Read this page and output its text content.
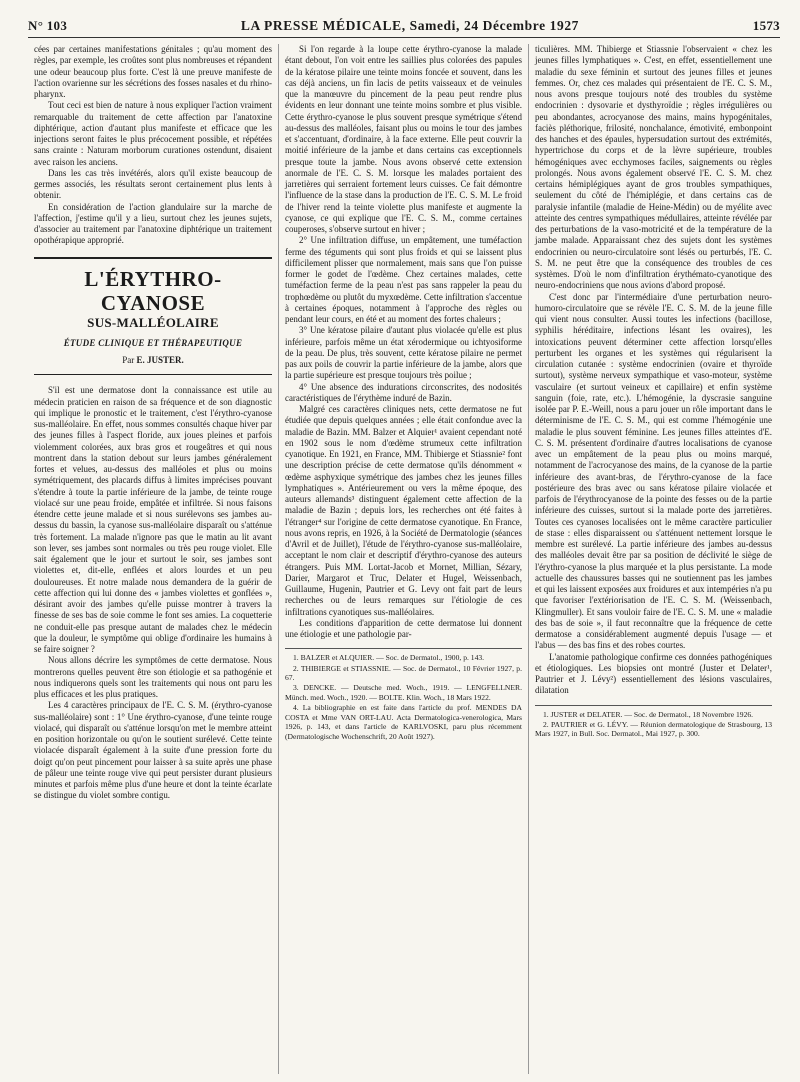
N° 103	LA PRESSE MÉDICALE, Samedi, 24 Décembre 1927	1573

cées par certaines manifestations génitales ; qu'au moment des règles, par exemple, les croûtes sont plus nombreuses et répandent une odeur beaucoup plus forte. C'est là une preuve manifeste de l'action ovarienne sur les sécrétions des fosses nasales et du rhino-pharynx.

Tout ceci est bien de nature à nous expliquer l'action vraiment remarquable du traitement de cette affection par l'anatoxine diphtérique, action d'autant plus manifeste et efficace que les injections seront faites le plus précocement possible, et répétées sans crainte : Naturam morborum curationes ostendunt, disaient avec raison les anciens.

Dans les cas très invétérés, alors qu'il existe beaucoup de germes associés, les résultats seront certainement plus lents à obtenir.

En considération de l'action glandulaire sur la marche de l'affection, j'estime qu'il y a lieu, surtout chez les jeunes sujets, d'associer au traitement par l'anatoxine diphtérique un traitement opothérapique approprié.

L'ÉRYTHRO-CYANOSE
SUS-MALLÉOLAIRE
ÉTUDE CLINIQUE ET THÉRAPEUTIQUE
Par E. JUSTER.

S'il est une dermatose dont la connaissance est utile au médecin praticien en raison de sa fréquence et de son diagnostic qui implique le pronostic et le traitement, c'est l'érythro-cyanose sus-malléolaire. En effet, nous sommes consultés chaque hiver par des jeunes filles à l'aspect floride, aux joues pleines et parfois violemment colorées, aux bras gros et rougeâtres et qui nous montrent dans la station debout sur leurs jambes généralement fortes et velues, au-dessus des malléoles et plus ou moins symétriquement, des placards diffus à limites imprécises pouvant s'étendre à toute la partie inférieure de la jambe, de teinte rouge violacé sur une peau froide, empâtée et infiltrée. Si nous faisons étendre cette jeune malade et si nous surélevons ses jambes au-dessus du bassin, la cyanose sus-malléolaire disparaît ou s'atténue très fortement. La malade n'ignore pas que le matin au lit avant son lever, ses jambes sont normales ou très peu rouge violet. Elle sait également que le jour et surtout le soir, ses jambes sont violettes et, dit-elle, enflées et alors lourdes et un peu douloureuses. Et notre malade nous demandera de la guérir de cette affection qui lui donne des « jambes violettes et gonflées », désirant avoir des jambes qu'elle puisse montrer à travers la finesse de ses bas de soie comme le font ses amies. La coquetterie ne conduit-elle pas presque autant de malades chez le médecin que la douleur, le symptôme qui oblige d'ordinaire les humains à se faire soigner ?

Nous allons décrire les symptômes de cette dermatose. Nous montrerons quelles peuvent être son étiologie et sa pathogénie et nous indiquerons quels sont les traitements qui nous ont paru les plus efficaces et les plus pratiques.

Les 4 caractères principaux de l'E. C. S. M. (érythro-cyanose sus-malléolaire) sont : 1° Une érythro-cyanose, d'une teinte rouge violacé, qui disparaît ou s'atténue lorsqu'on met le membre atteint en position horizontale ou qu'on le soutient surélevé. Cette teinte violacée disparaît également à la suite d'une pression forte du doigt qu'on peut pincement pour laisser à sa suite après une phase de pâleur une teinte rouge vive qui peut persister durant plusieurs minutes et parfois même plus d'une heure et dont la teinte écarlate se distingue du violet sombre contigu.

Si l'on regarde à la loupe cette érythro-cyanose la malade étant debout, l'on voit entre les saillies plus colorées des papules de la kératose pilaire une teinte moins foncée et souvent, dans les cas déjà anciens, un fin lacis de petits vaisseaux et de veinules que la manœuvre du pincement de la peau peut rendre plus évidents en leur donnant une teinte moins sombre et plus visible. Cette érythro-cyanose le plus souvent presque symétrique s'étend au-dessus des malléoles, faisant plus ou moins le tour des jambes et s'accentuant, d'ordinaire, à la face externe. Elle peut couvrir la moitié inférieure de la jambe et dans certains cas exceptionnels presque toute la jambe. Nous avons observé cette extension anormale de l'E. C. S. M. lorsque les malades portaient des jarretières qui serraient fortement leurs cuisses. Ce fait démontre l'influence de la stase dans la production de l'E. C. S. M. Le froid de l'hiver rend la teinte violette plus manifeste et augmente la cyanose, ce qui explique que l'E. C. S. M., comme certaines couperoses, s'observe surtout en hiver ;

2° Une infiltration diffuse, un empâtement, une tuméfaction ferme des téguments qui sont plus froids et qui se laissent plus difficilement plisser que normalement, mais sans que l'on puisse former le godet de l'œdème. Chez certaines malades, cette tuméfaction ferme de la peau n'est pas sans rappeler la peau du trophœdème ou plutôt du myxœdème. Cette infiltration s'accentue à certaines époques, notamment à l'approche des règles ou pendant leur cours, en été et au moment des fortes chaleurs ;

3° Une kératose pilaire d'autant plus violacée qu'elle est plus inférieure, parfois même un état xérodermique ou ichtyosiforme de la peau. De plus, très souvent, cette kératose pilaire ne permet pas aux poils de couvrir la partie inférieure de la jambe, alors que la partie supérieure est presque toujours très poilue ;

4° Une absence des indurations circonscrites, des nodosités caractéristiques de l'érythème induré de Bazin.

Malgré ces caractères cliniques nets, cette dermatose ne fut étudiée que depuis quelques années ; elle était confondue avec la maladie de Bazin. MM. Balzer et Alquier¹ avaient cependant noté en 1902 sous le nom d'œdème strumeux cette infiltration cyanotique. En 1921, en France, MM. Thibierge et Stiassnie² font une description précise de cette dermatose qu'ils dénomment « œdème asphyxique symétrique des jambes chez les jeunes filles lymphatiques ». Antérieurement ou vers la même époque, des auteurs allemands³ distinguent également cette affection de la maladie de Bazin ; depuis lors, les recherches ont été faites à l'étranger⁴ sur l'origine de cette dermatose cyanotique. En France, nous avons repris, en 1926, à la Société de Dermatologie (séances d'Avril et de Juillet), l'étude de l'érythro-cyanose sus-malléolaire, acceptant le nom clair et descriptif d'érythro-cyanose des auteurs étrangers. Puis MM. Lortat-Jacob et Mornet, Millian, Sézary, Darier, Margarot et Truc, Delater et Hugel, Weissenbach, Guillaume, Hugenin, Pautrier et G. Levy ont fait part de leurs recherches ou de leurs remarques sur l'étiologie de ces infiltrations cyanotiques sus-malléolaires.

Les conditions d'apparition de cette dermatose lui donnent une étiologie et une pathologie par-

1. BALZER et ALQUIER. — Soc. de Dermatol., 1900, p. 143.

2. THIBIERGE et STIASSNIE. — Soc. de Dermatol., 10 Février 1927, p. 67.

3. DENCKE. — Deutsche med. Woch., 1919. — LENGFELLNER. Münch. med. Woch., 1920. — BOLTE. Klin. Woch., 18 Mars 1922.

4. La bibliographie en est faite dans l'article du prof. MENDES DA COSTA et Mme VAN ORT-LAU. Acta Dermatologica-venerologica, Mars 1926, p. 143, et dans l'article de KARLVOSKI, paru plus récemment (Dermatologische Wochenschrift, 20 Août 1927).

ticulières. MM. Thibierge et Stiassnie l'observaient « chez les jeunes filles lymphatiques ». C'est, en effet, essentiellement une maladie du sexe féminin et surtout des jeunes filles et jeunes femmes. Or, chez ces malades qui présentaient de l'E. C. S. M., nous avons presque toujours noté des troubles du système endocrinien : dysovarie et dysthyroïdie ; règles irrégulières ou peu abondantes, acrocyanose des mains, mains hypogénitales, faciès pléthorique, frilosité, nonchalance, émotivité, embonpoint des hanches et des épaules, hypersudation surtout des extrémités, hypertrichose du corps et de la lèvre supérieure, troubles hémogéniques avec ecchymoses faciles, saignements ou règles prolongés. Nous avons également observé l'E. C. S. M. chez certains hémiplégiques ayant de gros troubles sympathiques, seulement du côté de l'hémiplégie, et dans certains cas de paralysie infantile (maladie de Heine-Médin) ou de myélite avec atteinte des centres sympathiques médullaires, atteinte révélée par des perturbations de la vaso-motricité et de la température de la jambe malade. Apparaissant chez des sujets dont les systèmes endocrinien ou neuro-circulatoire sont lésés ou perturbés, l'E. C. S. M. ne peut être que la conséquence des troubles de ces systèmes. D'où le nom d'infiltration érythémato-cyanotique des neuro-endocriniens que nous avions d'abord proposé.

C'est donc par l'intermédiaire d'une perturbation neuro-humoro-circulatoire que se révèle l'E. C. S. M. de la jeune fille qui vient nous consulter. Aussi toutes les infections (bacillose, syphilis héréditaire, infections lésant les ovaires), les intoxications peuvent déterminer cette affection lorsqu'elles perturbent les organes et les systèmes qui régularisent la circulation cutanée : système endocrinien (ovaire et thyroïde surtout), système nerveux sympathique et vaso-moteur, système vasculaire (et surtout veineux et capillaire) et enfin système sanguin (foie, rate, etc.). L'hémogénie, la dyscrasie sanguine isolée par P. E.-Weill, nous a paru jouer un rôle important dans le déterminisme de l'E. C. S. M., qui est comme l'hémogénie une maladie le plus souvent féminine. Les jeunes filles atteintes d'E. C. S. M. présentent d'ordinaire d'autres localisations de cyanose avec un empâtement de la peau plus ou moins marqué, notamment de l'acrocyanose des mains, de la cyanose de la partie inférieure des avant-bras, de l'érythro-cyanose de la face postérieure des bras avec ou sans kératose pilaire violacée et parfois de l'érythrocyanose de la pointe des fesses ou de la partie inférieure des cuisses, surtout si la malade porte des jarretières. Toutes ces cyanoses localisées ont le même caractère particulier de stase : elles disparaissent ou s'atténuent nettement lorsque le membre est surélevé. La partie inférieure des jambes au-dessus des malléoles devait être par sa position de déclivité le siège de l'érythro-cyanose la plus marquée et la plus persistante. La mode actuelle des chaussures basses qui ne soutiennent pas les jambes et qui les laissent exposées aux froidures et aux intempéries n'a pu que favoriser l'extériorisation de l'E. C. S. M. (Weissenbach, Klingmuller). Et sans vouloir faire de l'E. C. S. M. une « maladie des bas de soie », il faut reconnaître que la fréquence de cette dermatose a considérablement augmenté depuis l'usage — et l'abus — des bas fins et des robes courtes.

L'anatomie pathologique confirme ces données pathogéniques et étiologiques. Les biopsies ont montré (Juster et Delater¹, Pautrier et J. Lévy²) essentiellement des lésions vasculaires, dilatation

1. JUSTER et DELATER. — Soc. de Dermatol., 18 Novembre 1926.

2. PAUTRIER et G. LÉVY. — Réunion dermatologique de Strasbourg, 13 Mars 1927, in Bull. Soc. Dermatol., Mai 1927, p. 300.
